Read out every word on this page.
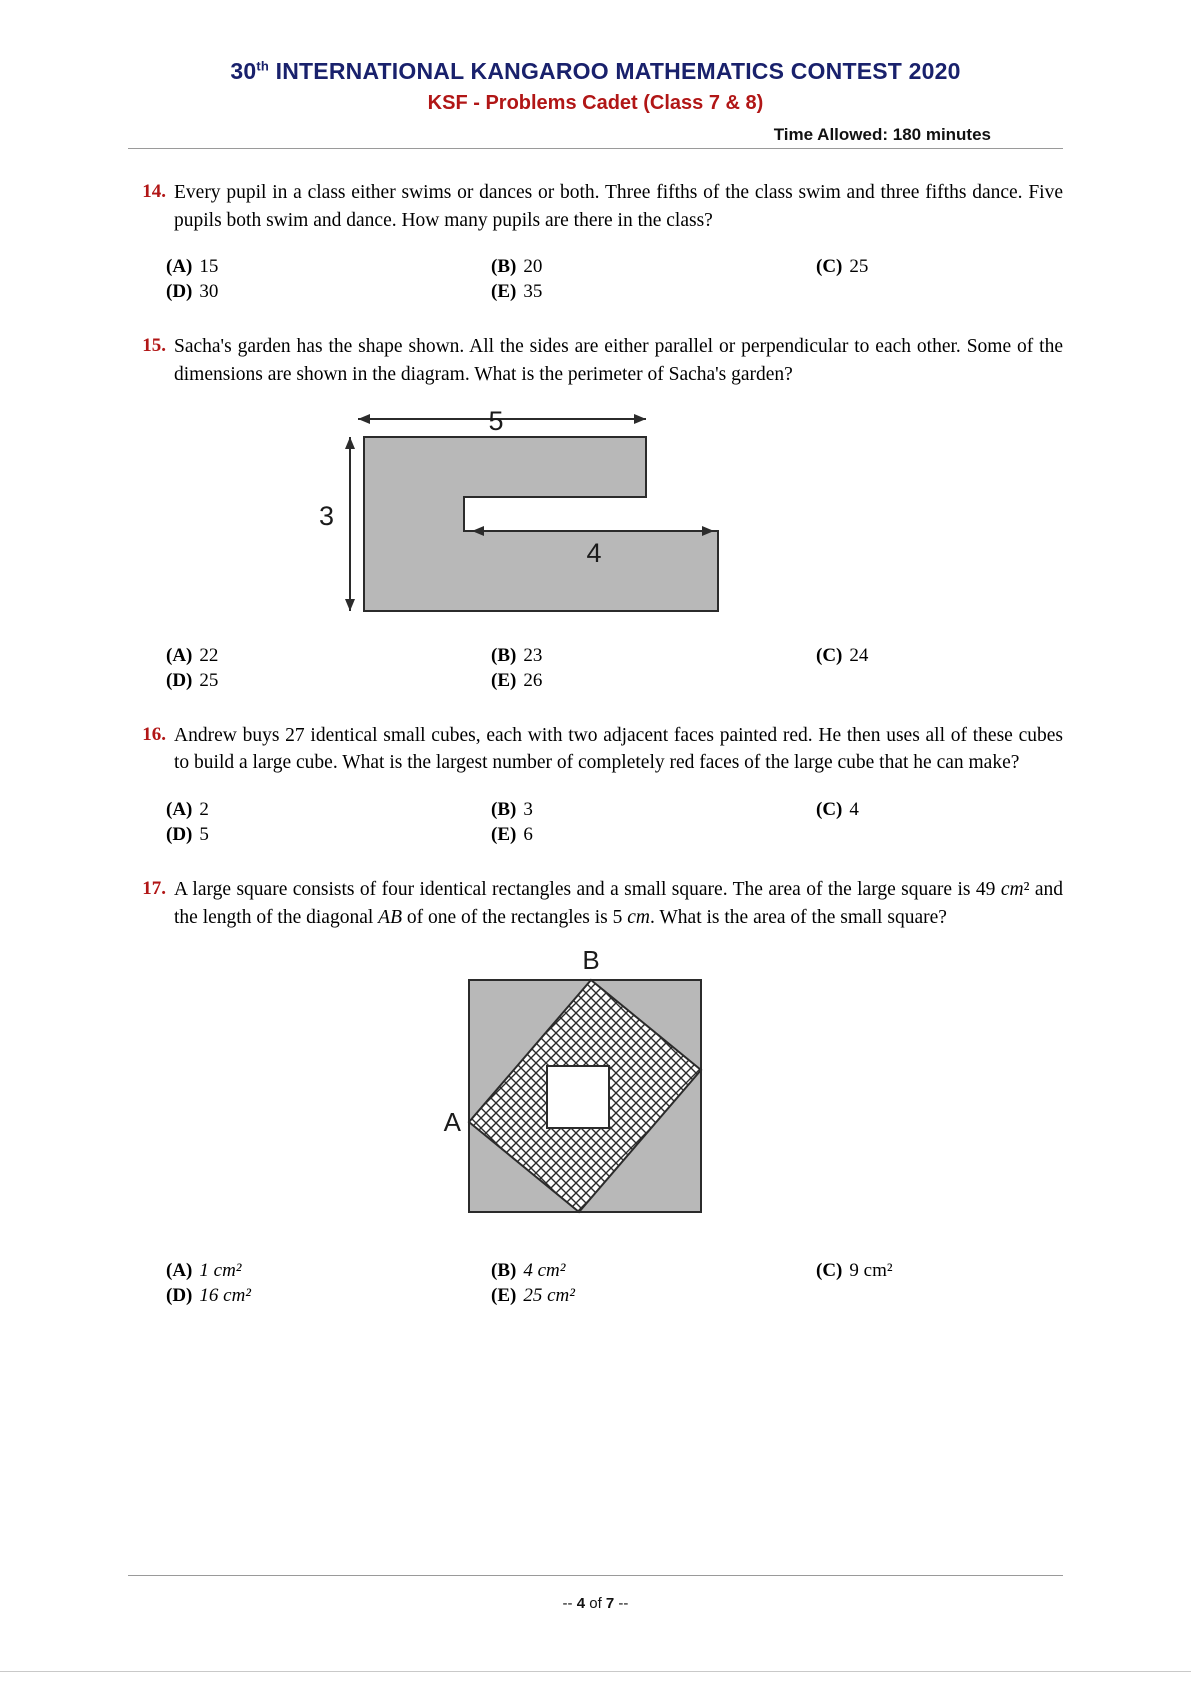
30th INTERNATIONAL KANGAROO MATHEMATICS CONTEST 2020
KSF - Problems Cadet (Class 7 & 8)
Time Allowed: 180 minutes
14. Every pupil in a class either swims or dances or both. Three fifths of the class swim and three fifths dance. Five pupils both swim and dance. How many pupils are there in the class?
(A) 15	(B) 20	(C) 25
(D) 30	(E) 35
15. Sacha's garden has the shape shown. All the sides are either parallel or perpendicular to each other. Some of the dimensions are shown in the diagram. What is the perimeter of Sacha's garden?
5
3
4
(A) 22	(B) 23	(C) 24
(D) 25	(E) 26
16. Andrew buys 27 identical small cubes, each with two adjacent faces painted red. He then uses all of these cubes to build a large cube. What is the largest number of completely red faces of the large cube that he can make?
(A) 2	(B) 3	(C) 4
(D) 5	(E) 6
17. A large square consists of four identical rectangles and a small square. The area of the large square is 49 cm² and the length of the diagonal AB of one of the rectangles is 5 cm. What is the area of the small square?
B
A
(A) 1 cm²	(B) 4 cm²	(C) 9 cm²
(D) 16 cm²	(E) 25 cm²
-- 4 of 7 --
